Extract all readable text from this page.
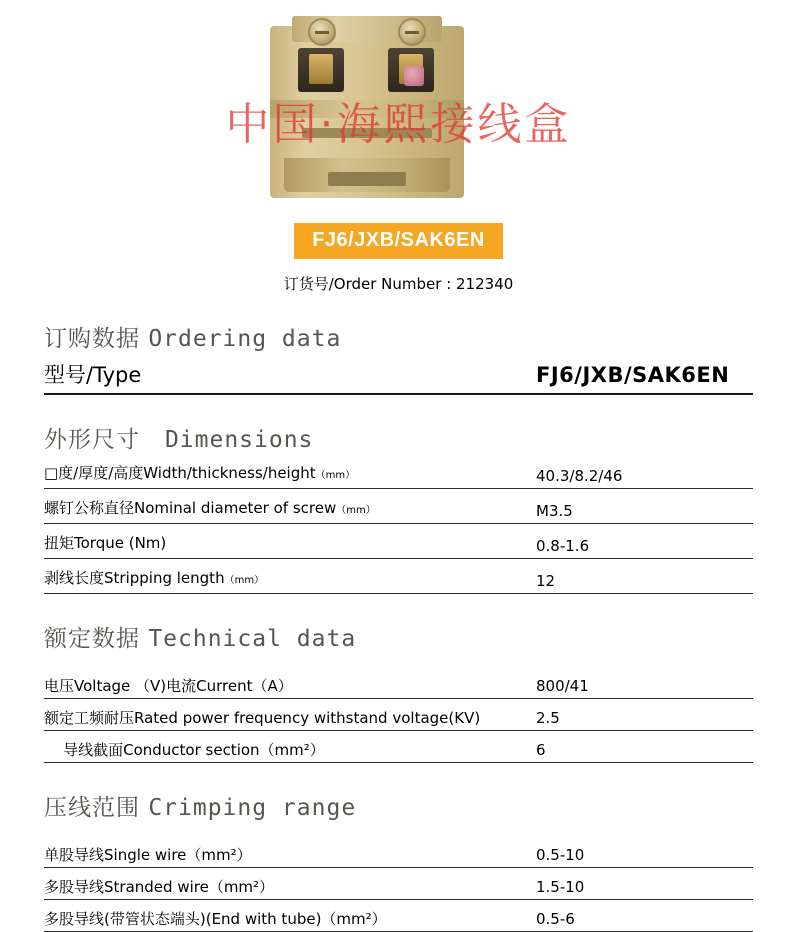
中国·海熙接线盒
FJ6/JXB/SAK6EN
订货号/Order Number : 212340
订购数据 Ordering data
型号/Type	FJ6/JXB/SAK6EN
外形尺寸 Dimensions
□度/厚度/高度Width/thickness/height（mm）	40.3/8.2/46
螺钉公称直径Nominal diameter of screw（mm）	M3.5
扭矩Torque (Nm)	0.8-1.6
剥线长度Stripping length（mm）	12
额定数据 Technical data
电压Voltage （V)电流Current（A）	800/41
额定工频耐压Rated power frequency withstand voltage(KV)	2.5
导线截面Conductor section（mm²）	6
压线范围 Crimping range
单股导线Single wire（mm²）	0.5-10
多股导线Stranded wire（mm²）	1.5-10
多股导线(带管状态端头)(End with tube)（mm²）	0.5-6
